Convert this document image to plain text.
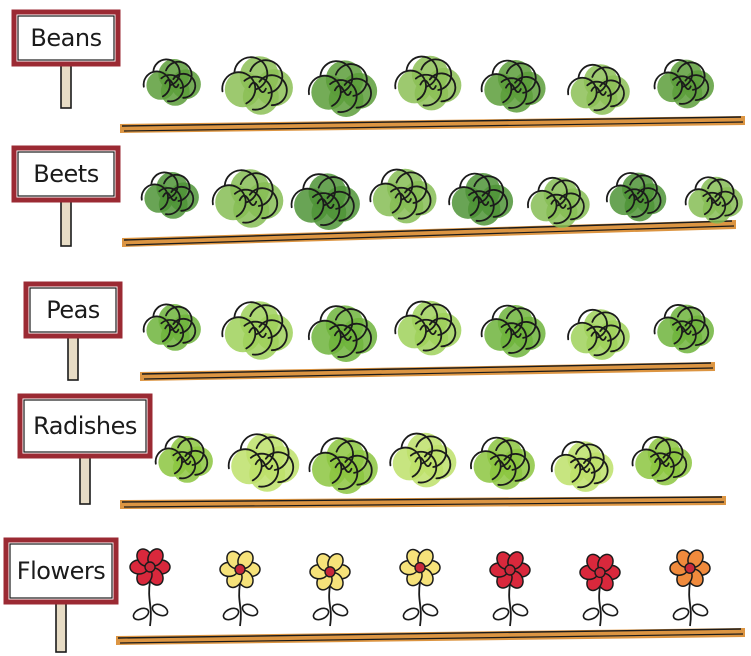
Beans
Beets
Peas
Radishes
Flowers
